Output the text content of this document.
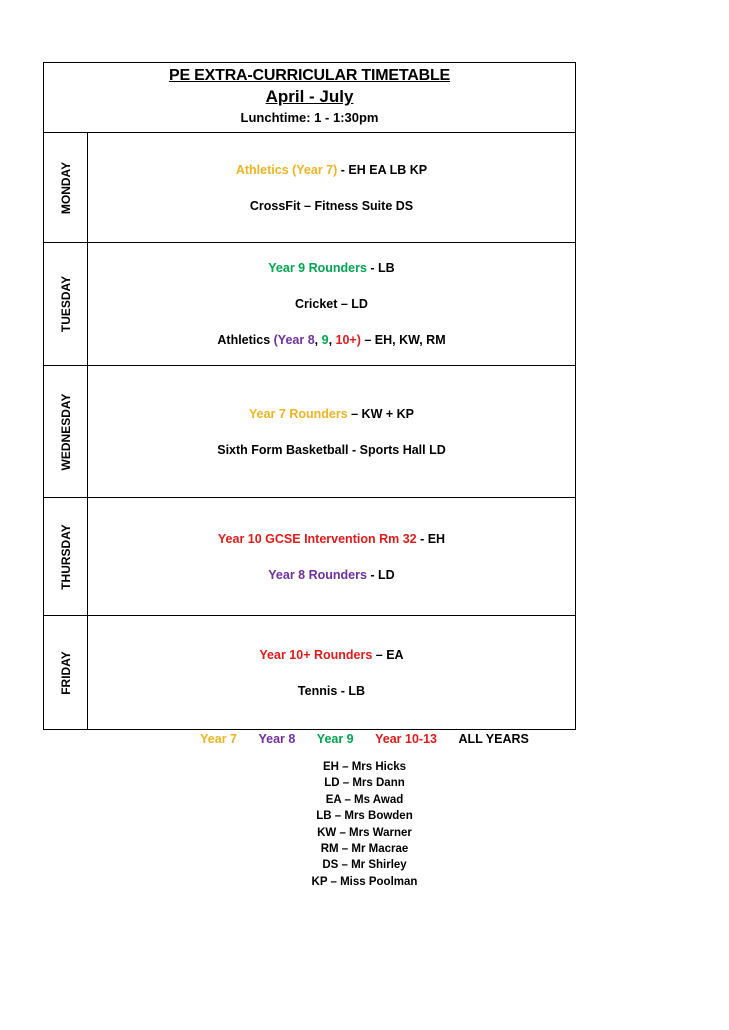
PE EXTRA-CURRICULAR TIMETABLE
April - July
Lunchtime: 1 - 1:30pm
MONDAY	Athletics (Year 7) - EH EA LB KP
CrossFit – Fitness Suite DS
TUESDAY
Year 9 Rounders - LB
Cricket – LD
Athletics (Year 8, 9, 10+) – EH, KW, RM
WEDNESDAY	Year 7 Rounders – KW + KP
Sixth Form Basketball - Sports Hall LD
THURSDAY	Year 10 GCSE Intervention Rm 32 - EH
Year 8 Rounders - LD
FRIDAY	Year 10+ Rounders – EA
Tennis - LB
Year 7 Year 8 Year 9 Year 10-13 ALL YEARS
EH – Mrs Hicks
LD – Mrs Dann
EA – Ms Awad
LB – Mrs Bowden
KW – Mrs Warner
RM – Mr Macrae
DS – Mr Shirley
KP – Miss Poolman
